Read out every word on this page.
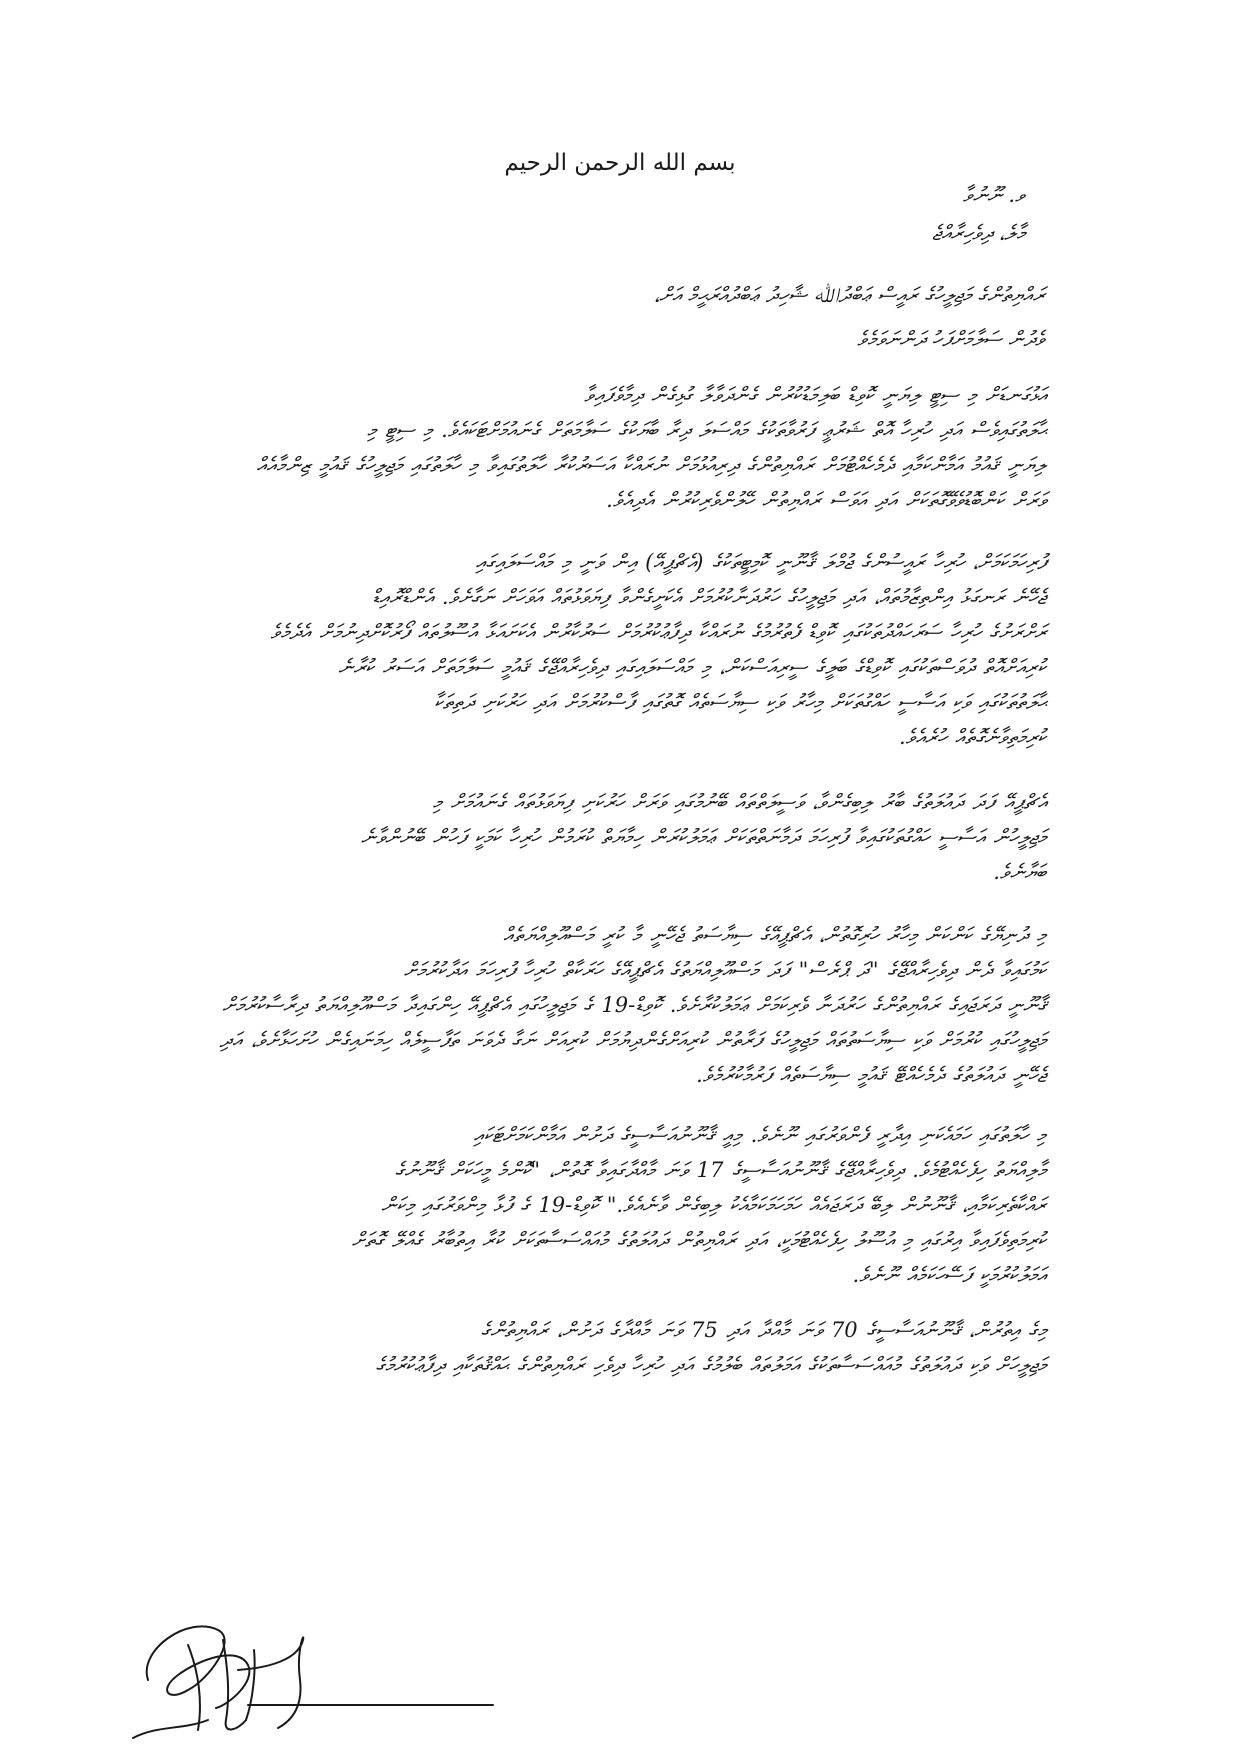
بسم الله الرحمن الرحيم
ވ. ނޫނުވާ
މާލެ، ދިވެހިރާއްޖެ
ރައްޔިތުންގެ މަޖިލީހުގެ ރައީސް ޢަބްދުﷲ ޝާހިދު ޢަބްދުއްރަޙީމް އަށް،
ވެދުން ސަލާމަށްފަހު ދަންނަވަމެވެ
އަޅުގަނޑަށް މި ސިޓީ ލިޔަނީ ކޮވިޑް ބަލިމަޑުކުރުން ގެންދަވާލާ ގުޅިގެން ދިމާވެފައިވާ
ޙާލަތުގައިވެސް އަދި ހުރިހާ އޮތް ޝަރުޢީ ފަރުވާތަކުގެ މައްސަލަ ދިރާ ބާޔަކުގެ ސަލާމަތަށް ގެނައުމަށްޓަކައެވެ. މި ސިޓީ މި
ލިޔަނީ ޤައުމު އަމާންކަމާއި ދެމެހެއްޓުމަށް ރައްޔިތުންގެ ދިރިއުޅުމަށް ނުރައްކާ އަސަރުކުރާ ހާލަތުގައިވާ މި ހާލަތުގައި މަޖިލީހުގެ ޤައުމީ ޒިންމާއެއް
ވަރަށް ކަންބޮޑުވެވޭގޮތަކަށް އަދި އަވަސް ރައްޔިތުން ހޭލުންވެރިކުރުން އެދިއެވެ.
ފުރިހަމަކަމަށް، ހުރިހާ ރައީސުންގެ ޖުމްލަ ޤާނޫނީ ކޮމިޓީތަކުގެ (އެޗްޕީއޭ) އިން ވަނީ މި މައްސަލައިގައި
ޖެހޭނެ ރަނގަޅު އިންތިޒާމުތައް، އަދި މަޖިލީހުގެ ހަރުދަނާކުރުމަށް އެކަށީގެންވާ ފިޔަވަޅުތައް އަވަހަށް ނަގާށެވެ. އެންޑްރޮއިޑް
ރަށްރަށުގެ ހުރިހާ ސަރަހައްދުތަކުގައި ކޮވިޑް ފެތުރުމުގެ ނުރައްކާ ދިފާޢުކުރުމަށް ސަރުކާރުން އެކަށައަޅާ އުސޫލުތައް ފޯރުކޮށްދިނުމަށް އެދެމެވެ
ކުރިއަށްއޮތް ދުވަސްތަކުގައި ކޮވިޑްގެ ބަލީގެ ސީރިއަސްކަން، މި މައްސަލައިގައި ދިވެހިރާއްޖޭގެ ޤައުމީ ސަލާމަތަށް އަސަރު ކުރާނެ
ޙާލަތުތަކުގައި ވަކި އަސާސީ ހައްގުތަކަށް މިހާރު ވަކި ސިޔާސަތެއް ގޮތުގައި ފާސްކުރުމަށް އަދި ހަރުކަށި ދަތިތަކާ
ކުރިމަތިވާނެގޮތެއް ހުރެއެވެ.
އެޗްޕީއޭ ފަދަ ދައުލަތުގެ ބާރު ލިބިގެންވާ، ވަސީލަތްތައް ބޭނުމުގައި ވަރަށް ހަރުކަށި ފިޔަވަޅުތައް ގެނައުމަށް މި
މަޖިލީހުން އަސާސީ ހައްގުތަކުގައިވާ ފުރިހަމަ ދަމާނަތްތަކަށް ޢަމަލުކުރަން ހިމާޔަތް ކުރަމުން ހުރިހާ ކަމަކީ ފަހުން ބޭނުންވާނެ
ބަޔާނެވެ.
މި ދުނިޔޭގެ ކަންކަން މިހާރު ހުރިގޮތުން، އެޗްޕީއޭގެ ސިޔާސަތު ޖެހޭނީ މާ ކުރީ މަސްއޫލިއްޔަތެއް
ކަމުގައިވާ ދެން ދިވެހިރާއްޖޭގެ "ދަ ޕްރެސް" ފަދަ މަސްއޫލިއްޔަތުގެ އެޗްޕީއޭގެ ހަރަކާތް ހުރިހާ ފުރިހަމަ އަދާކުރުމަށް
ޤާނޫނީ ދަރަޖައިގެ ރައްޔިތުންގެ ހަރުދަނާ ވެރިކަމަށް ޢަމަލުކުރާށެވެ. ކޮވިޑް-19 ގެ މަޖިލީހުގައި އެޗްޕީއޭ ހިންގައިދާ މަސްއޫލިއްޔަތު ދިރާސާކުރުމަށް
މަޖިލީހުގައި ކުރުމަށް ވަކި ސިޔާސަތުތައް މަޖިލީހުގެ ފަރާތުން ކުރިއަށްގެންދިޔުމަށް ކުރިއަށް ނަގާ ދެވަނަ ތަފާސީލެއް ހިމަނައިގެން ހުށަހަޅާށެވެ، އަދި
ޖެހޭނީ ދައުލަތުގެ ދެމެހެއްޓޭ ޤައުމީ ސިޔާސަތެއް ފަރުމާކުރުމެވެ.
މި ހާލަތުގައި ހަމައެކަނި އިދާރީ ފެންވަރުގައި ނޫނެވެ. މިއީ ޤާނޫނުއަސާސީގެ ދަށުން އަމާންކަމަށްޓަކައި
މާލިއްޔަތު ހިފެހެއްޓުމެވެ. ދިވެހިރާއްޖޭގެ ޤާނޫނުއަސާސީގެ 17 ވަނަ މާއްދާގައިވާ ގޮތުން، "ކޮންމެ މީހަކަށް ޤާނޫނުގެ
ރައްކާތެރިކަމާއި، ޤާނޫނުން ލިބޭ ދަރަޖައެއް ހަމަހަމަކަމާއެކު ލިބިގެން ވާނެއެވެ." ކޮވިޑް-19 ގެ ފުޅާ މިންވަރުގައި މިކަން
ކުރިމަތިވެފައިވާ އިރުގައި މި އުސޫލު ހިފެހެއްޓުމަކީ، އަދި ރައްޔިތުން ދައުލަތުގެ މުއައްސަސާތަކަށް ކުރާ އިތުބާރު ގެއްލޭ ގޮތަށް
އަމަލުކުރުމަކީ ފަސޭހަކަމެއް ނޫނެވެ.
މިގެ އިތުރުން، ޤާނޫނުއަސާސީގެ 70 ވަނަ މާއްދާ އަދި 75 ވަނަ މާއްދާގެ ދަށުން، ރައްޔިތުންގެ
މަޖިލީހަށް ވަކި ދައުލަތުގެ މުއައްސަސާތަކުގެ އަމަލުތައް ބެލުމުގެ އަދި ހުރިހާ ދިވެހި ރައްޔިތުންގެ ޙައްޤުތަކާއި ދިފާޢުކުރުމުގެ
